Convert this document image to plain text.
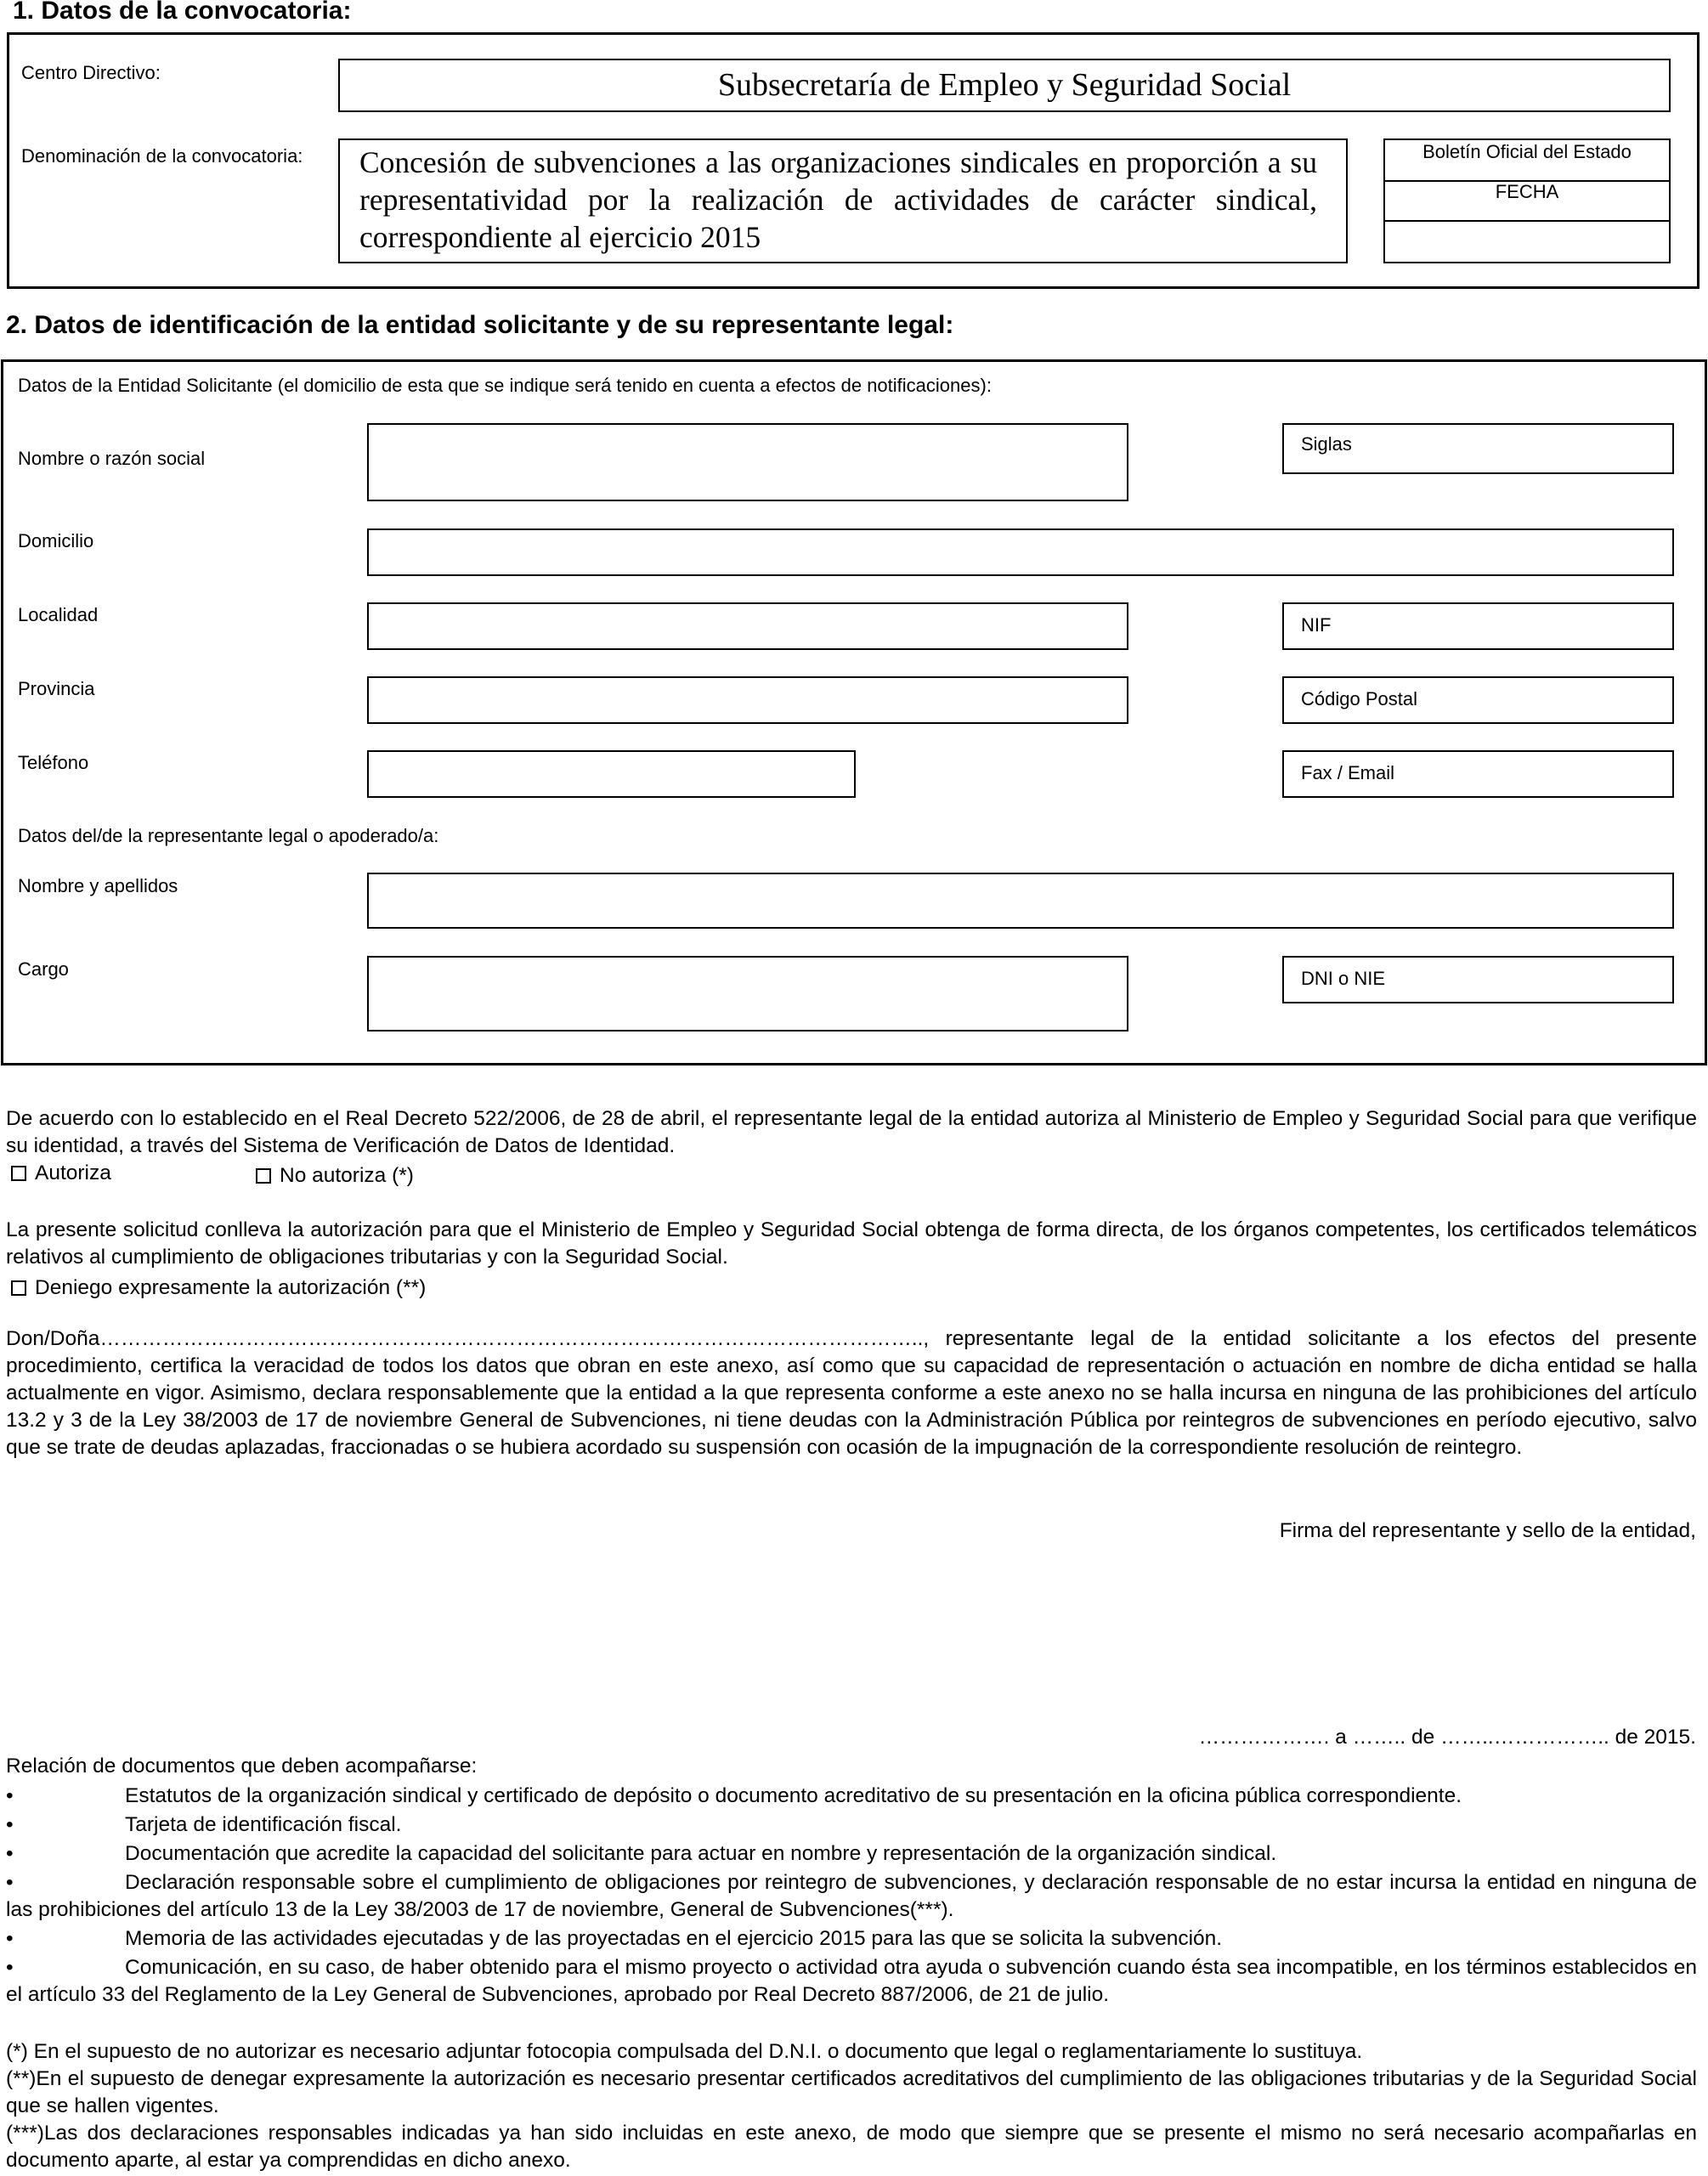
1. Datos de la convocatoria:
Centro Directivo:	Subsecretaría de Empleo y Seguridad Social
Denominación de la convocatoria:	Concesión de subvenciones a las organizaciones sindicales en proporción a su representatividad por la realización de actividades de carácter sindical, correspondiente al ejercicio 2015
Boletín Oficial del Estado
FECHA
2. Datos de identificación de la entidad solicitante y de su representante legal:
Datos de la Entidad Solicitante (el domicilio de esta que se indique será tenido en cuenta a efectos de notificaciones):
Nombre o razón social
Siglas
Domicilio
Localidad	NIF
Provincia	Código Postal
Teléfono	Fax / Email
Datos del/de la representante legal o apoderado/a:
Nombre y apellidos
Cargo	DNI o NIE
De acuerdo con lo establecido en el Real Decreto 522/2006, de 28 de abril, el representante legal de la entidad autoriza al Ministerio de Empleo y Seguridad Social para que verifique su identidad, a través del Sistema de Verificación de Datos de Identidad.
Autoriza	No autoriza (*)
La presente solicitud conlleva la autorización para que el Ministerio de Empleo y Seguridad Social obtenga de forma directa, de los órganos competentes, los certificados telemáticos relativos al cumplimiento de obligaciones tributarias y con la Seguridad Social.
Deniego expresamente la autorización (**)
Don/Doña……………………………………………………………………………………………………….., representante legal de la entidad solicitante a los efectos del presente procedimiento, certifica la veracidad de todos los datos que obran en este anexo, así como que su capacidad de representación o actuación en nombre de dicha entidad se halla actualmente en vigor. Asimismo, declara responsablemente que la entidad a la que representa conforme a este anexo no se halla incursa en ninguna de las prohibiciones del artículo 13.2 y 3 de la Ley 38/2003 de 17 de noviembre General de Subvenciones, ni tiene deudas con la Administración Pública por reintegros de subvenciones en período ejecutivo, salvo que se trate de deudas aplazadas, fraccionadas o se hubiera acordado su suspensión con ocasión de la impugnación de la correspondiente resolución de reintegro.
Firma del representante y sello de la entidad,
………………. a …….. de ……..…………….. de 2015.
Relación de documentos que deben acompañarse:
•	Estatutos de la organización sindical y certificado de depósito o documento acreditativo de su presentación en la oficina pública correspondiente.
•	Tarjeta de identificación fiscal.
•	Documentación que acredite la capacidad del solicitante para actuar en nombre y representación de la organización sindical.
•	Declaración responsable sobre el cumplimiento de obligaciones por reintegro de subvenciones, y declaración responsable de no estar incursa la entidad en ninguna de las prohibiciones del artículo 13 de la Ley 38/2003 de 17 de noviembre, General de Subvenciones(***).
•	Memoria de las actividades ejecutadas y de las proyectadas en el ejercicio 2015 para las que se solicita la subvención.
•	Comunicación, en su caso, de haber obtenido para el mismo proyecto o actividad otra ayuda o subvención cuando ésta sea incompatible, en los términos establecidos en el artículo 33 del Reglamento de la Ley General de Subvenciones, aprobado por Real Decreto 887/2006, de 21 de julio.
(*) En el supuesto de no autorizar es necesario adjuntar fotocopia compulsada del D.N.I. o documento que legal o reglamentariamente lo sustituya.
(**)En el supuesto de denegar expresamente la autorización es necesario presentar certificados acreditativos del cumplimiento de las obligaciones tributarias y de la Seguridad Social que se hallen vigentes.
(***)Las dos declaraciones responsables indicadas ya han sido incluidas en este anexo, de modo que siempre que se presente el mismo no será necesario acompañarlas en documento aparte, al estar ya comprendidas en dicho anexo.
